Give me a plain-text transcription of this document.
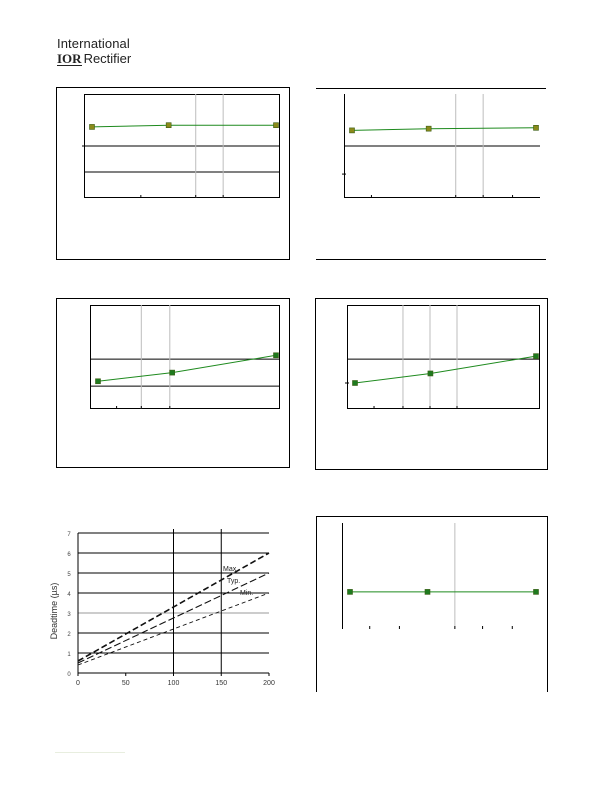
International
IOR Rectifier
0
1
2
3
4
5
6
7
0	50	100	150	200
Deadtime (µs)
Max.
Typ.
Min.
